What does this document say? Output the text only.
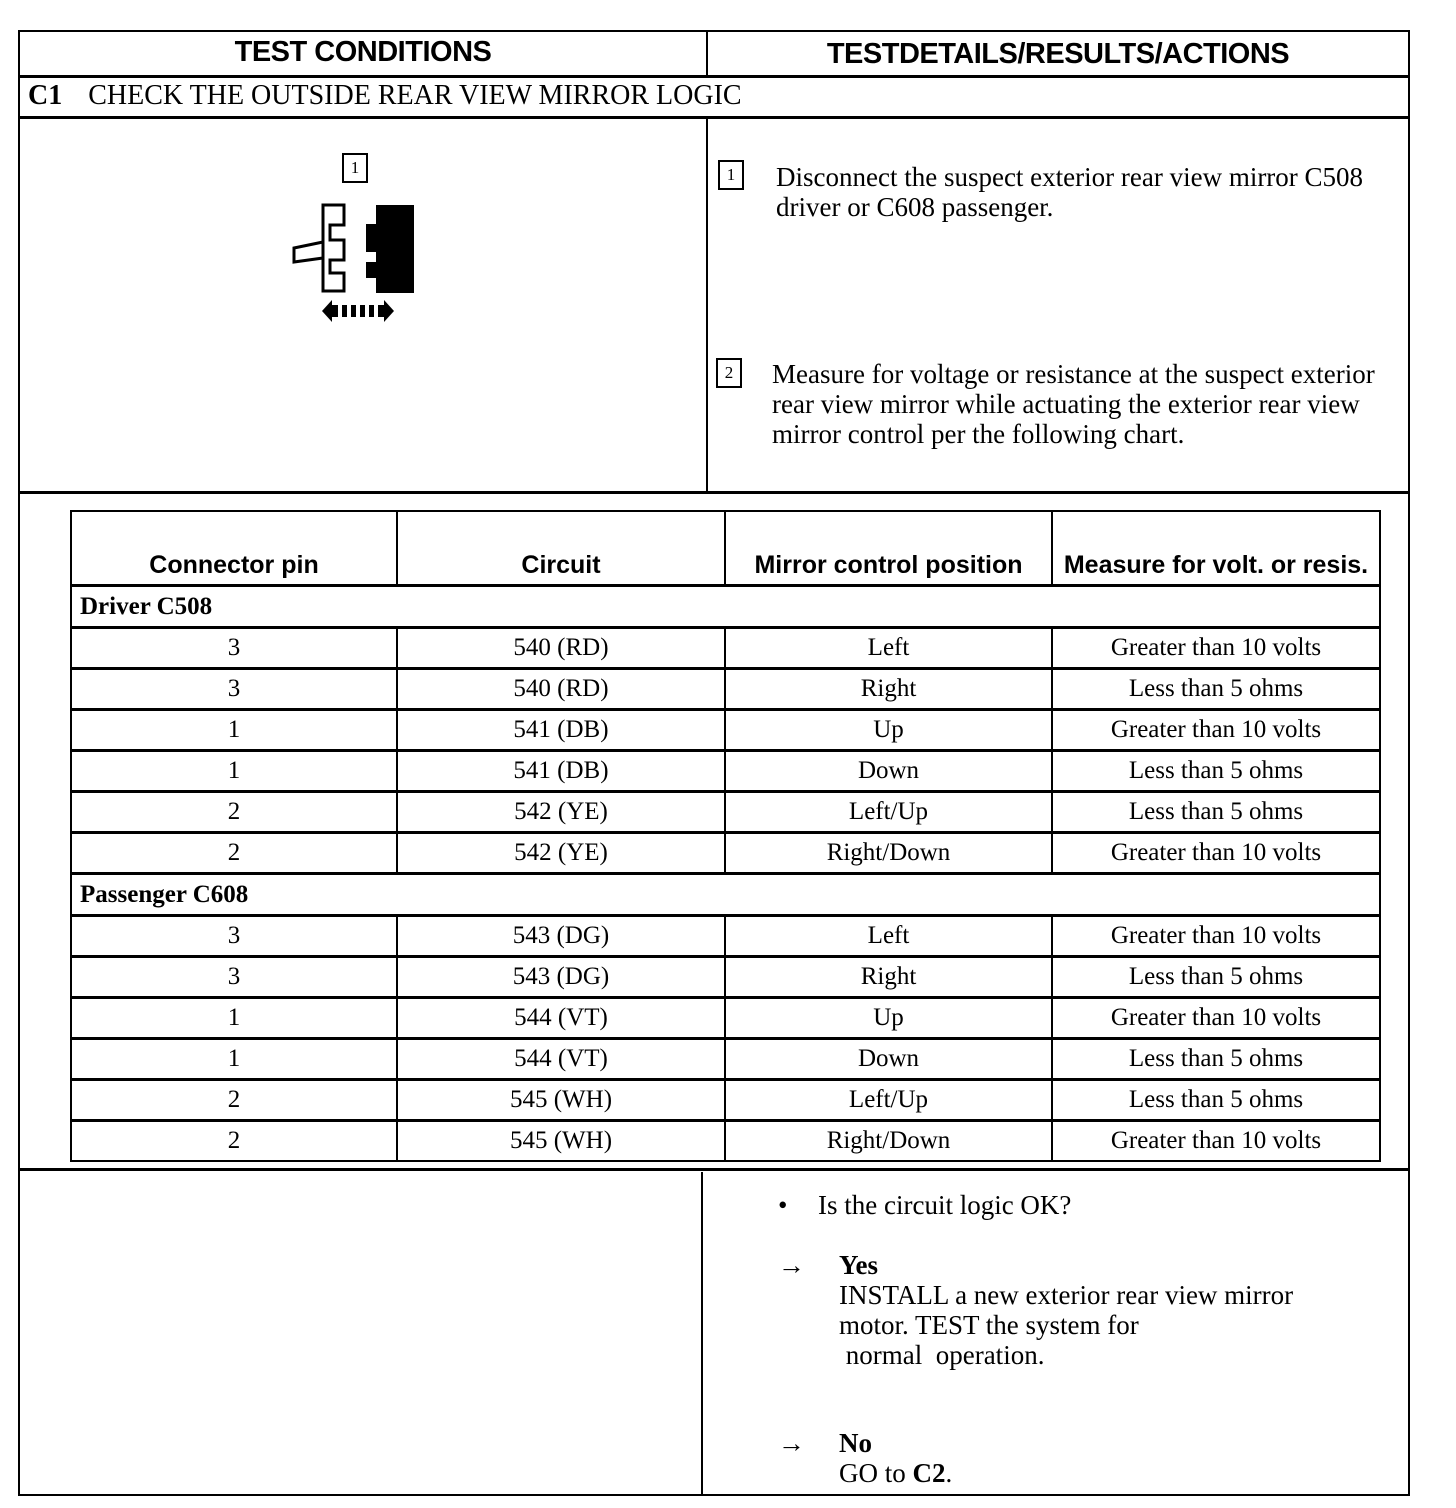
TEST CONDITIONS	TESTDETAILS/RESULTS/ACTIONS
C1 CHECK THE OUTSIDE REAR VIEW MIRROR LOGIC
1	1	Disconnect the suspect exterior rear view mirror C508 driver or C608 passenger.
2	Measure for voltage or resistance at the suspect exterior rear view mirror while actuating the exterior rear view mirror control per the following chart.
Connector pin	Circuit	Mirror control position	Measure for volt. or resis.
Driver C508			
3	540 (RD)	Left	Greater than 10 volts
3	540 (RD)	Right	Less than 5 ohms
1	541 (DB)	Up	Greater than 10 volts
1	541 (DB)	Down	Less than 5 ohms
2	542 (YE)	Left/Up	Less than 5 ohms
2	542 (YE)	Right/Down	Greater than 10 volts
Passenger C608			
3	543 (DG)	Left	Greater than 10 volts
3	543 (DG)	Right	Less than 5 ohms
1	544 (VT)	Up	Greater than 10 volts
1	544 (VT)	Down	Less than 5 ohms
2	545 (WH)	Left/Up	Less than 5 ohms
2	545 (WH)	Right/Down	Greater than 10 volts
• Is the circuit logic OK?
→ Yes
INSTALL a new exterior rear view mirror
motor. TEST the system for
normal  operation.
→ No
GO to C2.
